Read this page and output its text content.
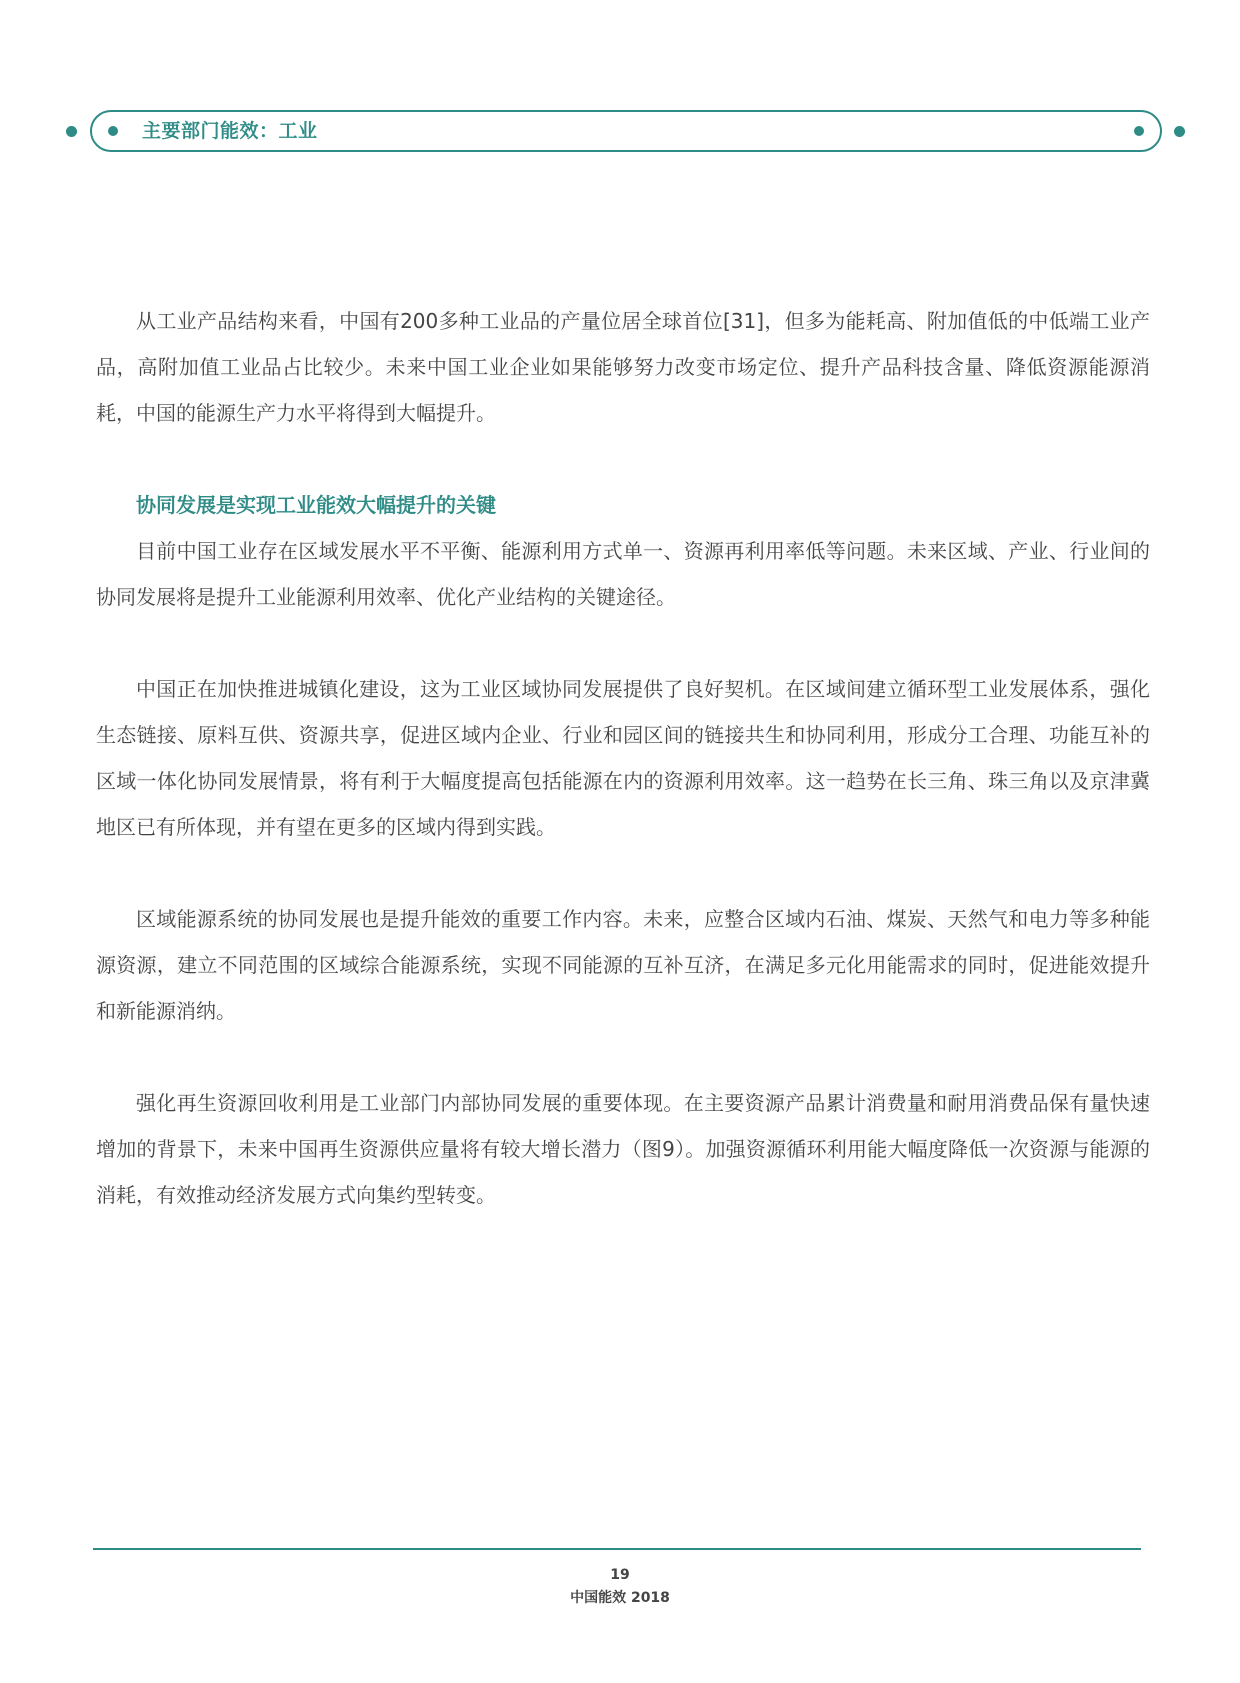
主要部门能效：工业

从工业产品结构来看，中国有200多种工业品的产量位居全球首位[31]，但多为能耗高、附加值低的中低端工业产品，高附加值工业品占比较少。未来中国工业企业如果能够努力改变市场定位、提升产品科技含量、降低资源能源消耗，中国的能源生产力水平将得到大幅提升。

协同发展是实现工业能效大幅提升的关键

目前中国工业存在区域发展水平不平衡、能源利用方式单一、资源再利用率低等问题。未来区域、产业、行业间的协同发展将是提升工业能源利用效率、优化产业结构的关键途径。

中国正在加快推进城镇化建设，这为工业区域协同发展提供了良好契机。在区域间建立循环型工业发展体系，强化生态链接、原料互供、资源共享，促进区域内企业、行业和园区间的链接共生和协同利用，形成分工合理、功能互补的区域一体化协同发展情景，将有利于大幅度提高包括能源在内的资源利用效率。这一趋势在长三角、珠三角以及京津冀地区已有所体现，并有望在更多的区域内得到实践。

区域能源系统的协同发展也是提升能效的重要工作内容。未来，应整合区域内石油、煤炭、天然气和电力等多种能源资源，建立不同范围的区域综合能源系统，实现不同能源的互补互济，在满足多元化用能需求的同时，促进能效提升和新能源消纳。

强化再生资源回收利用是工业部门内部协同发展的重要体现。在主要资源产品累计消费量和耐用消费品保有量快速增加的背景下，未来中国再生资源供应量将有较大增长潜力（图9）。加强资源循环利用能大幅度降低一次资源与能源的消耗，有效推动经济发展方式向集约型转变。

19
中国能效 2018
